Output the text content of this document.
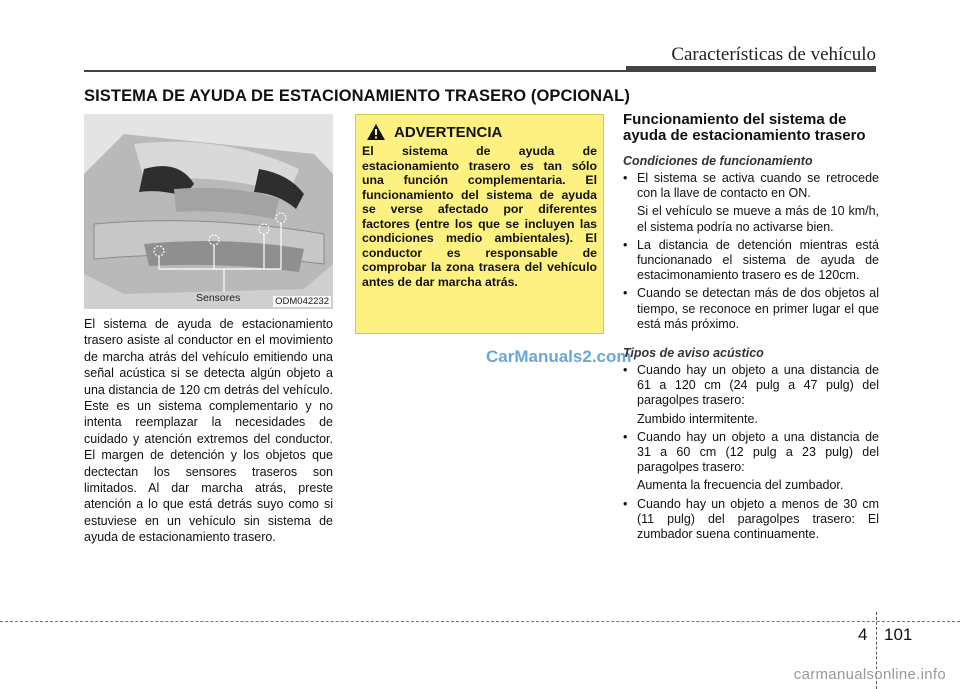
Características de vehículo
SISTEMA DE AYUDA DE ESTACIONAMIENTO TRASERO (OPCIONAL)
Sensores	ODM042232
El sistema de ayuda de estacionamiento trasero asiste al conductor en el movimiento de marcha atrás del vehículo emitiendo una señal acústica si se detecta algún objeto a una distancia de 120 cm detrás del vehículo. Este es un sistema complementario y no intenta reemplazar la necesidades de cuidado y atención extremos del conductor. El margen de detención y los objetos que dectectan los sensores traseros son limitados. Al dar marcha atrás, preste atención a lo que está detrás suyo como si estuviese en un vehículo sin sistema de ayuda de estacionamiento trasero.
ADVERTENCIA
El sistema de ayuda de estacionamiento trasero es tan sólo una función complementaria. El funcionamiento del sistema de ayuda se verse afectado por diferentes factores (entre los que se incluyen las condiciones medio ambientales). El conductor es responsable de comprobar la zona trasera del vehículo antes de dar marcha atrás.
CarManuals2.com
Funcionamiento del sistema de ayuda de estacionamiento trasero
Condiciones de funcionamiento
• El sistema se activa cuando se retrocede con la llave de contacto en ON.

Si el vehículo se mueve a más de 10 km/h, el sistema podría no activarse bien.

• La distancia de detención mientras está funcionanado el sistema de ayuda de estacimonamiento trasero es de 120cm.
• Cuando se detectan más de dos objetos al tiempo, se reconoce en primer lugar el que está más próximo.
Tipos de aviso acústico
• Cuando hay un objeto a una distancia de 61 a 120 cm (24 pulg a 47 pulg) del paragolpes trasero:

Zumbido intermitente.

• Cuando hay un objeto a una distancia de 31 a 60 cm (12 pulg a 23 pulg) del paragolpes trasero:

Aumenta la frecuencia del zumbador.

• Cuando hay un objeto a menos de 30 cm (11 pulg) del paragolpes trasero: El zumbador suena continuamente.
4 101
carmanualsonline.info
